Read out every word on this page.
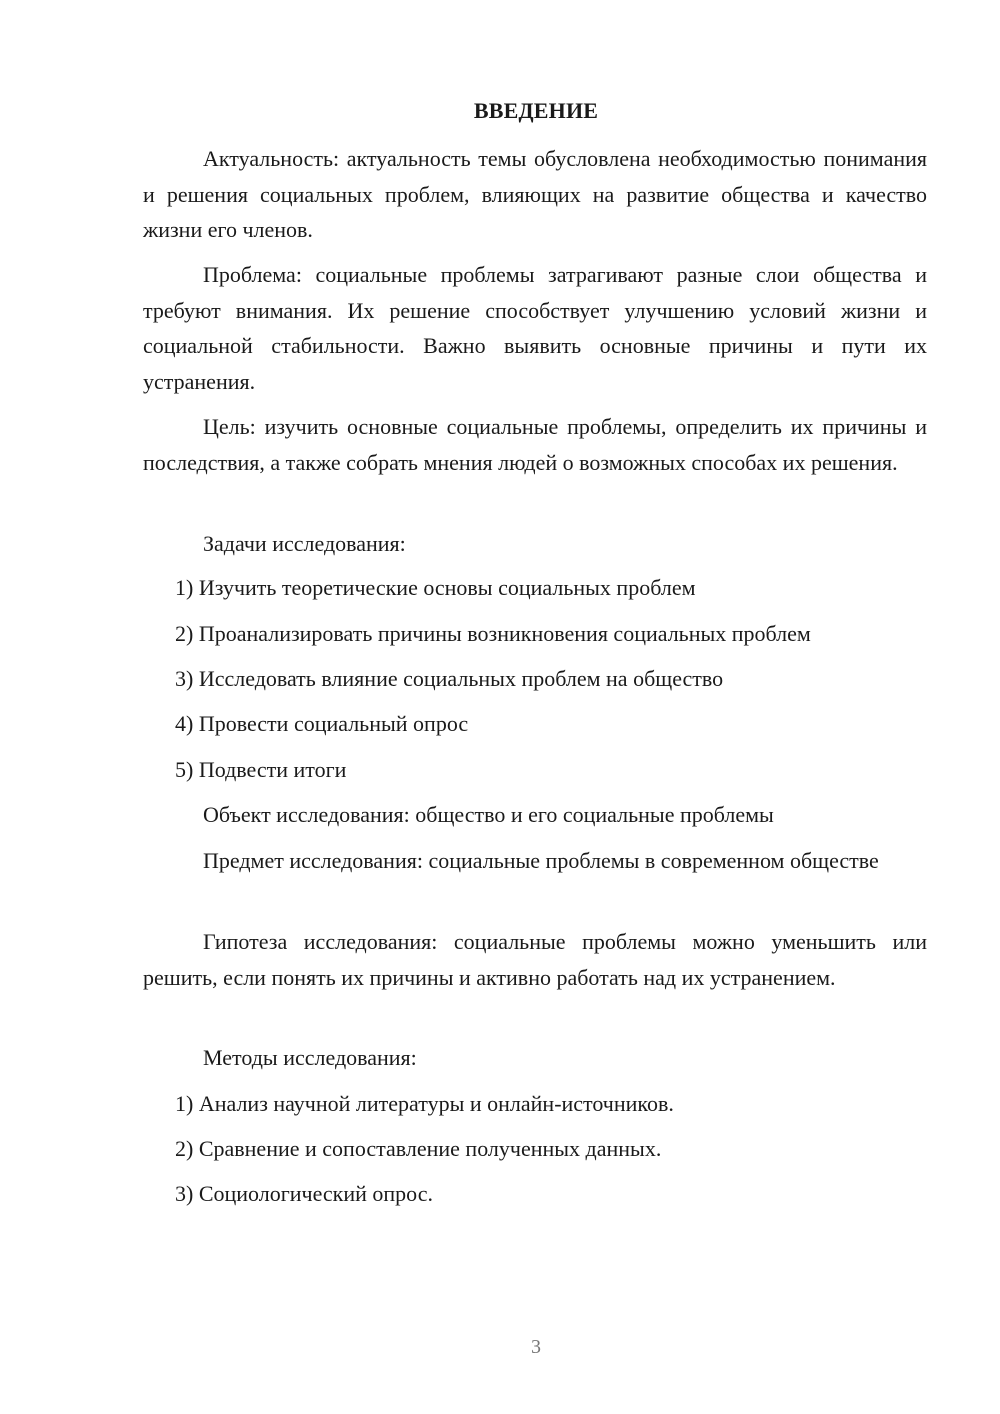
ВВЕДЕНИЕ

Актуальность: актуальность темы обусловлена необходимостью понимания и решения социальных проблем, влияющих на развитие общества и качество жизни его членов.

Проблема: социальные проблемы затрагивают разные слои общества и требуют внимания. Их решение способствует улучшению условий жизни и социальной стабильности. Важно выявить основные причины и пути их устранения.

Цель: изучить основные социальные проблемы, определить их причины и последствия, а также собрать мнения людей о возможных способах их решения.

Задачи исследования:

1) Изучить теоретические основы социальных проблем

2) Проанализировать причины возникновения социальных проблем

3) Исследовать влияние социальных проблем на общество

4) Провести социальный опрос

5) Подвести итоги

Объект исследования: общество и его социальные проблемы

Предмет исследования: социальные проблемы в современном обществе

Гипотеза исследования: социальные проблемы можно уменьшить или решить, если понять их причины и активно работать над их устранением.

Методы исследования:

1) Анализ научной литературы и онлайн-источников.

2) Сравнение и сопоставление полученных данных.

3) Социологический опрос.

3
